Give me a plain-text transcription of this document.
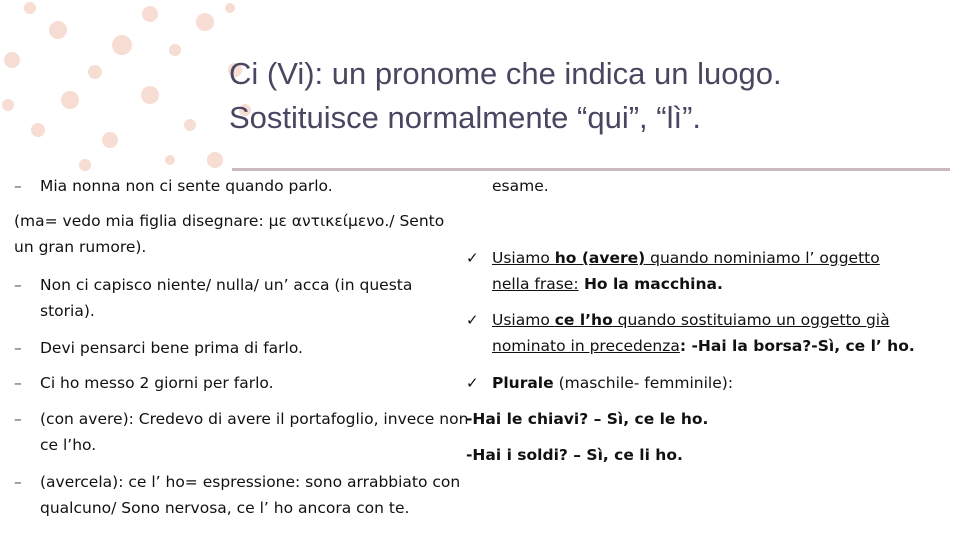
Ci (Vi): un pronome che indica un luogo.
Sostituisce normalmente “qui”, “lì”.
– Mia nonna non ci sente quando parlo.
(ma= vedo mia figlia disegnare: με αντικείμενο./ Sento un gran rumore).
– Non ci capisco niente/ nulla/ un’ acca (in questa storia).
– Devi pensarci bene prima di farlo.
– Ci ho messo 2 giorni per farlo.
– (con avere): Credevo di avere il portafoglio, invece non ce l’ho.
– (avercela): ce l’ ho= espressione: sono arrabbiato con qualcuno/ Sono nervosa, ce l’ ho ancora con te.
esame.
✓ Usiamo ho (avere) quando nominiamo l’ oggetto nella frase: Ho la macchina.
✓ Usiamo ce l’ho quando sostituiamo un oggetto già nominato in precedenza: -Hai la borsa?-Sì, ce l’ ho.
✓ Plurale (maschile- femminile):
-Hai le chiavi? – Sì, ce le ho.
-Hai i soldi? – Sì, ce li ho.
